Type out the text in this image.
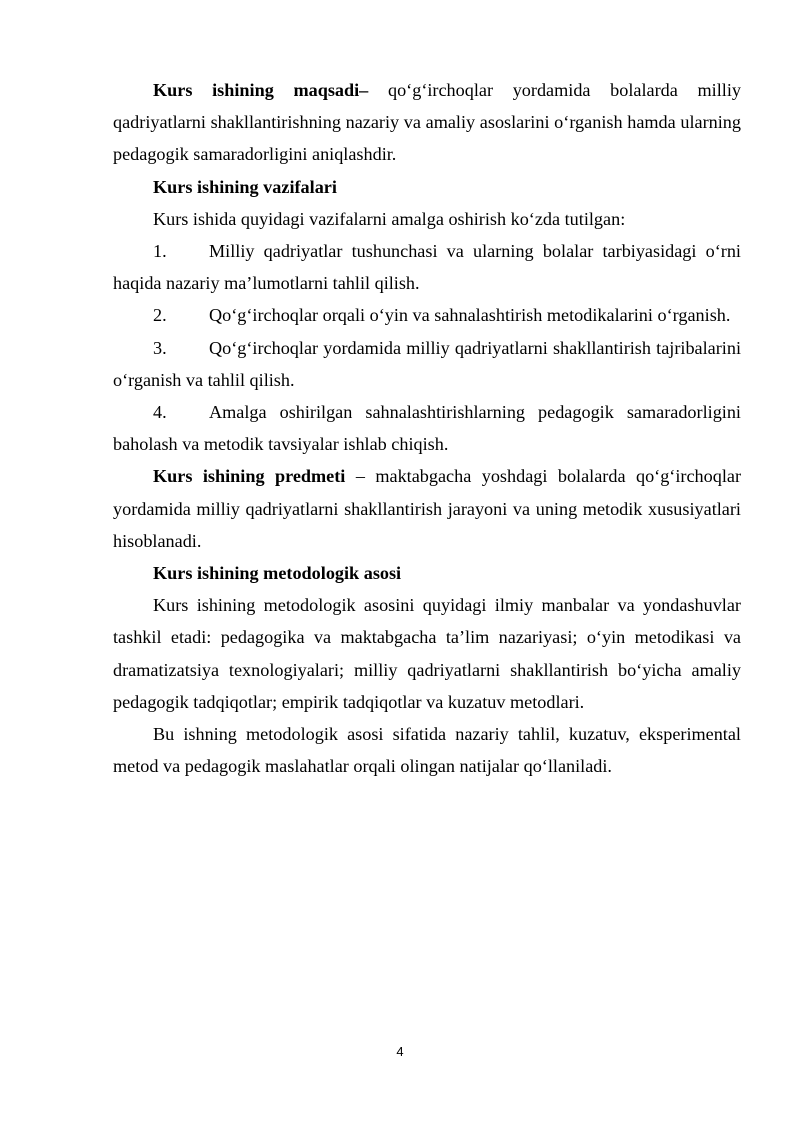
Kurs ishining maqsadi– qo‘g‘irchoqlar yordamida bolalarda milliy qadriyatlarni shakllantirishning nazariy va amaliy asoslarini o‘rganish hamda ularning pedagogik samaradorligini aniqlashdir.

Kurs ishining vazifalari

Kurs ishida quyidagi vazifalarni amalga oshirish ko‘zda tutilgan:

1. Milliy qadriyatlar tushunchasi va ularning bolalar tarbiyasidagi o‘rni haqida nazariy ma’lumotlarni tahlil qilish.

2. Qo‘g‘irchoqlar orqali o‘yin va sahnalashtirish metodikalarini o‘rganish.

3. Qo‘g‘irchoqlar yordamida milliy qadriyatlarni shakllantirish tajribalarini o‘rganish va tahlil qilish.

4. Amalga oshirilgan sahnalashtirishlarning pedagogik samaradorligini baholash va metodik tavsiyalar ishlab chiqish.

Kurs ishining predmeti – maktabgacha yoshdagi bolalarda qo‘g‘irchoqlar yordamida milliy qadriyatlarni shakllantirish jarayoni va uning metodik xususiyatlari hisoblanadi.

Kurs ishining metodologik asosi

Kurs ishining metodologik asosini quyidagi ilmiy manbalar va yondashuvlar tashkil etadi: pedagogika va maktabgacha ta’lim nazariyasi; o‘yin metodikasi va dramatizatsiya texnologiyalari; milliy qadriyatlarni shakllantirish bo‘yicha amaliy pedagogik tadqiqotlar; empirik tadqiqotlar va kuzatuv metodlari.

Bu ishning metodologik asosi sifatida nazariy tahlil, kuzatuv, eksperimental metod va pedagogik maslahatlar orqali olingan natijalar qo‘llaniladi.

4
